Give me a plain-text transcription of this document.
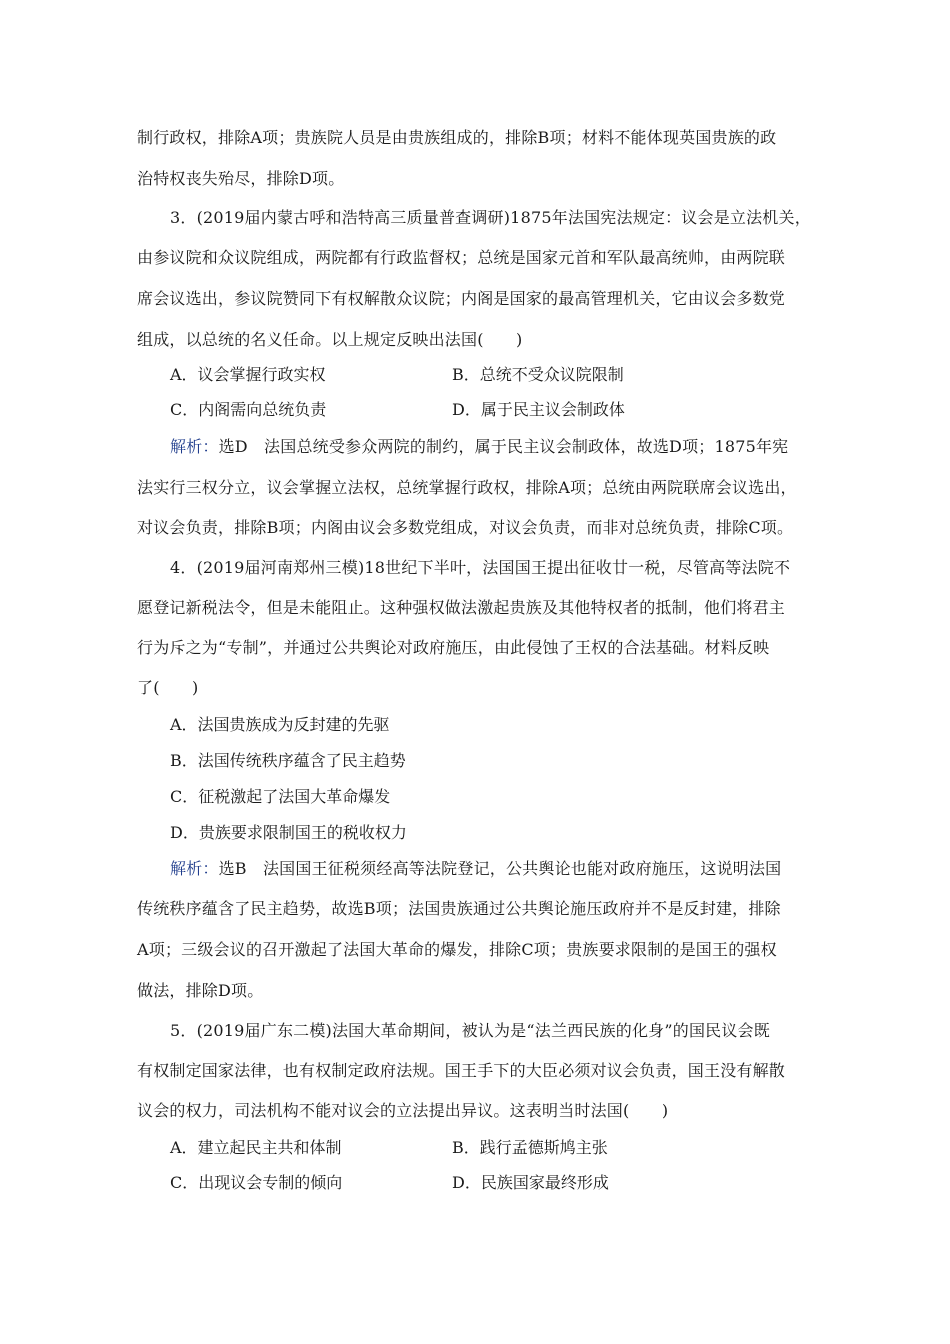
制行政权，排除A项；贵族院人员是由贵族组成的，排除B项；材料不能体现英国贵族的政
治特权丧失殆尽，排除D项。
3．(2019届内蒙古呼和浩特高三质量普查调研)1875年法国宪法规定：议会是立法机关，
由参议院和众议院组成，两院都有行政监督权；总统是国家元首和军队最高统帅，由两院联
席会议选出，参议院赞同下有权解散众议院；内阁是国家的最高管理机关，它由议会多数党
组成，以总统的名义任命。以上规定反映出法国(　　)
A．议会掌握行政实权	B．总统不受众议院限制
C．内阁需向总统负责	D．属于民主议会制政体
解析：选D　法国总统受参众两院的制约，属于民主议会制政体，故选D项；1875年宪
法实行三权分立，议会掌握立法权，总统掌握行政权，排除A项；总统由两院联席会议选出，
对议会负责，排除B项；内阁由议会多数党组成，对议会负责，而非对总统负责，排除C项。
4．(2019届河南郑州三模)18世纪下半叶，法国国王提出征收廿一税，尽管高等法院不
愿登记新税法令，但是未能阻止。这种强权做法激起贵族及其他特权者的抵制，他们将君主
行为斥之为“专制”，并通过公共舆论对政府施压，由此侵蚀了王权的合法基础。材料反映
了(　　)
A．法国贵族成为反封建的先驱
B．法国传统秩序蕴含了民主趋势
C．征税激起了法国大革命爆发
D．贵族要求限制国王的税收权力
解析：选B　法国国王征税须经高等法院登记，公共舆论也能对政府施压，这说明法国
传统秩序蕴含了民主趋势，故选B项；法国贵族通过公共舆论施压政府并不是反封建，排除
A项；三级会议的召开激起了法国大革命的爆发，排除C项；贵族要求限制的是国王的强权
做法，排除D项。
5．(2019届广东二模)法国大革命期间，被认为是“法兰西民族的化身”的国民议会既
有权制定国家法律，也有权制定政府法规。国王手下的大臣必须对议会负责，国王没有解散
议会的权力，司法机构不能对议会的立法提出异议。这表明当时法国(　　)
A．建立起民主共和体制	B．践行孟德斯鸠主张
C．出现议会专制的倾向	D．民族国家最终形成
